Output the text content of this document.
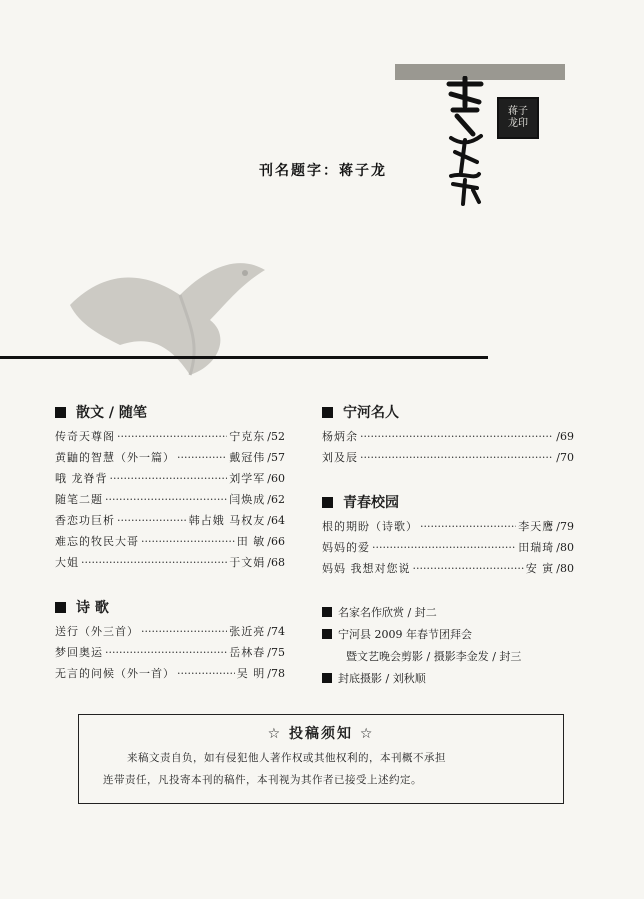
蒋子
龙印
刊名题字：蒋子龙
散文 / 随笔
传奇天尊阁 ·····	宁克东 /52
黄鼬的智慧（外一篇） ·····	戴冠伟 /57
哦 龙脊背 ·····	刘学军 /60
随笔二题 ·····	闫焕成 /62
香恋功巨析 ·····	韩占娥 马权友 /64
难忘的牧民大哥 ·····	田 敏 /66
大姐 ·····	于文娟 /68
诗 歌
送行（外三首） ·····	张近亮 /74
梦回奥运 ·····	岳林春 /75
无言的问候（外一首） ·····	吴 明 /78
宁河名人
杨炳余 ·····	/69
刘及辰 ·····	/70
青春校园
根的期盼（诗歌） ·····	李天鹰 /79
妈妈的爱 ·····	田瑞琦 /80
妈妈 我想对您说 ·····	安 寅 /80
名家名作欣赏 / 封二
宁河县 2009 年春节团拜会
暨文艺晚会剪影 / 摄影李金发 / 封三
封底摄影 / 刘秋顺
☆ 投稿须知 ☆
来稿文责自负，如有侵犯他人著作权或其他权利的，本刊概不承担
连带责任，凡投寄本刊的稿件，本刊视为其作者已接受上述约定。
